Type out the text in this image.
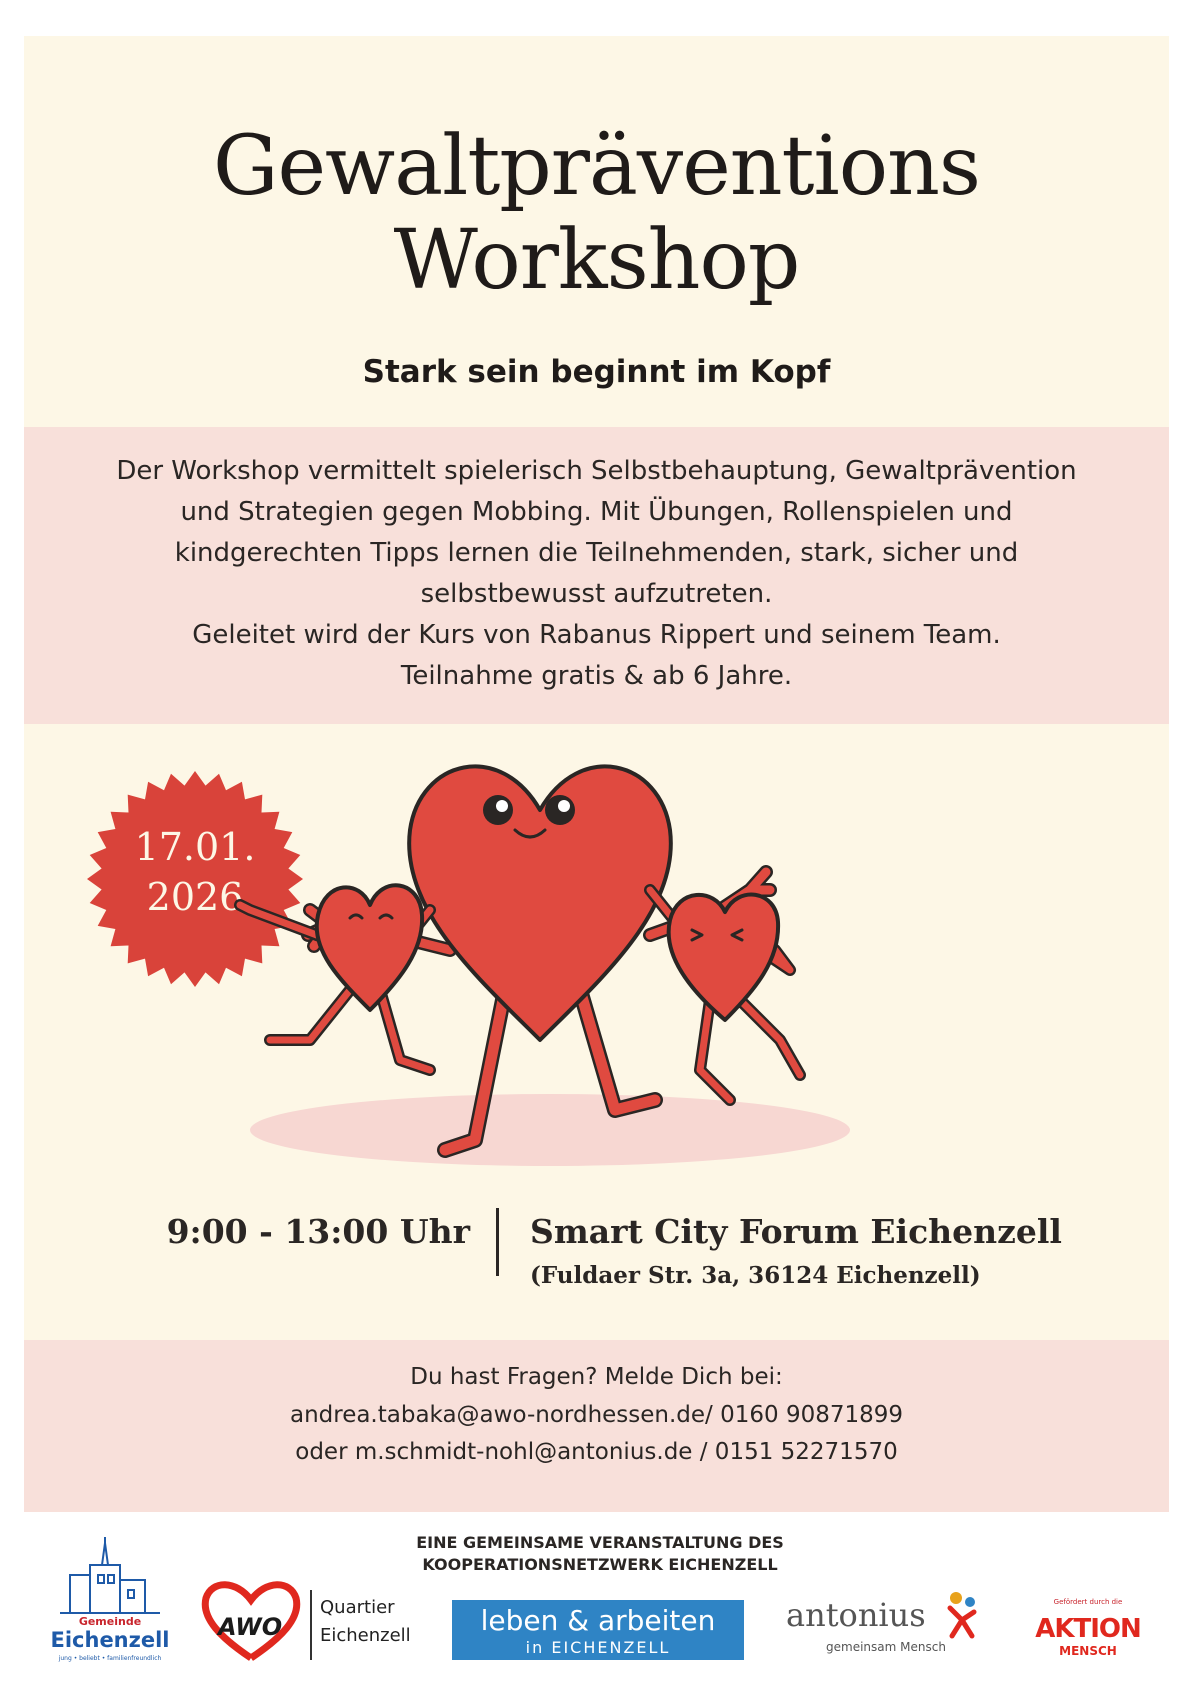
Gewaltpräventions
Workshop
Stark sein beginnt im Kopf

Der Workshop vermittelt spielerisch Selbstbehauptung, Gewaltprävention
und Strategien gegen Mobbing. Mit Übungen, Rollenspielen und
kindgerechten Tipps lernen die Teilnehmenden, stark, sicher und
selbstbewusst aufzutreten.
Geleitet wird der Kurs von Rabanus Rippert und seinem Team.
Teilnahme gratis & ab 6 Jahre.

17.01.
2026
9:00 - 13:00 Uhr Smart City Forum Eichenzell
(Fuldaer Str. 3a, 36124 Eichenzell)
Du hast Fragen? Melde Dich bei:
andrea.tabaka@awo-nordhessen.de/ 0160 90871899
oder m.schmidt-nohl@antonius.de / 0151 52271570
EINE GEMEINSAME VERANSTALTUNG DES
KOOPERATIONSNETZWERK EICHENZELL
Gemeinde
Eichenzell
jung • beliebt • familienfreundlich
AWO
Quartier
Eichenzell	leben & arbeiten
in EICHENZELL
antonius
gemeinsam Mensch
Gefördert durch die
AKTION
MENSCH
